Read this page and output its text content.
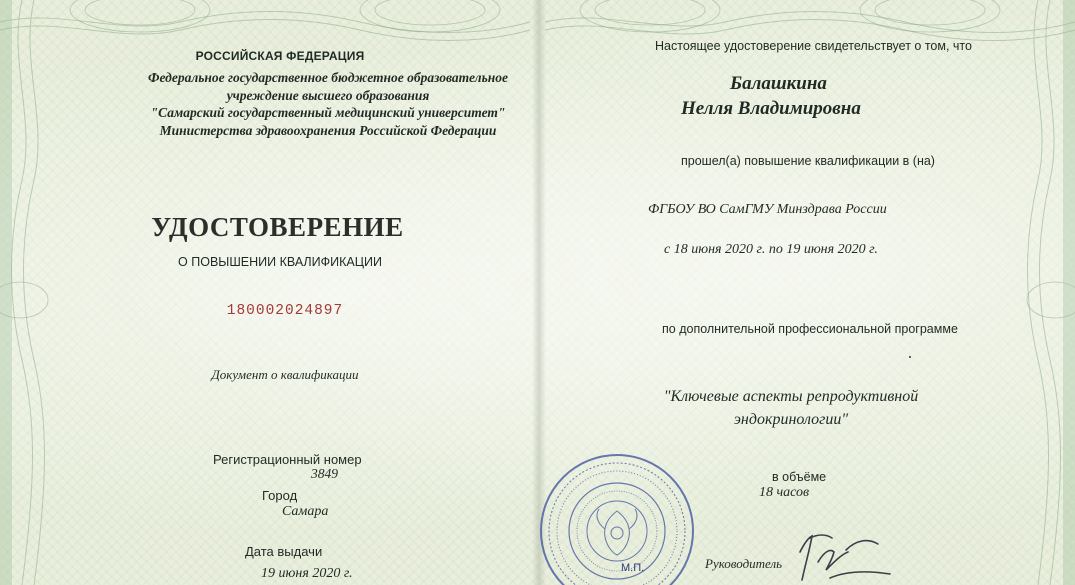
РОССИЙСКАЯ ФЕДЕРАЦИЯ

Федеральное государственное бюджетное образовательное
учреждение высшего образования
"Самарский государственный медицинский университет"
Министерства здравоохранения Российской Федерации

УДОСТОВЕРЕНИЕ

О ПОВЫШЕНИИ КВАЛИФИКАЦИИ

180002024897

Документ о квалификации

Регистрационный номер

3849

Город

Самара

Дата выдачи

19 июня 2020 г.

Настоящее удостоверение свидетельствует о том, что

Балашкина

Нелля Владимировна

прошел(а) повышение квалификации в (на)

ФГБОУ ВО СамГМУ Минздрава России

с 18 июня 2020 г. по 19 июня 2020 г.

по дополнительной профессиональной программе

"Ключевые аспекты репродуктивной
эндокринологии"

в объёме

18 часов

М.П.	Руководитель
